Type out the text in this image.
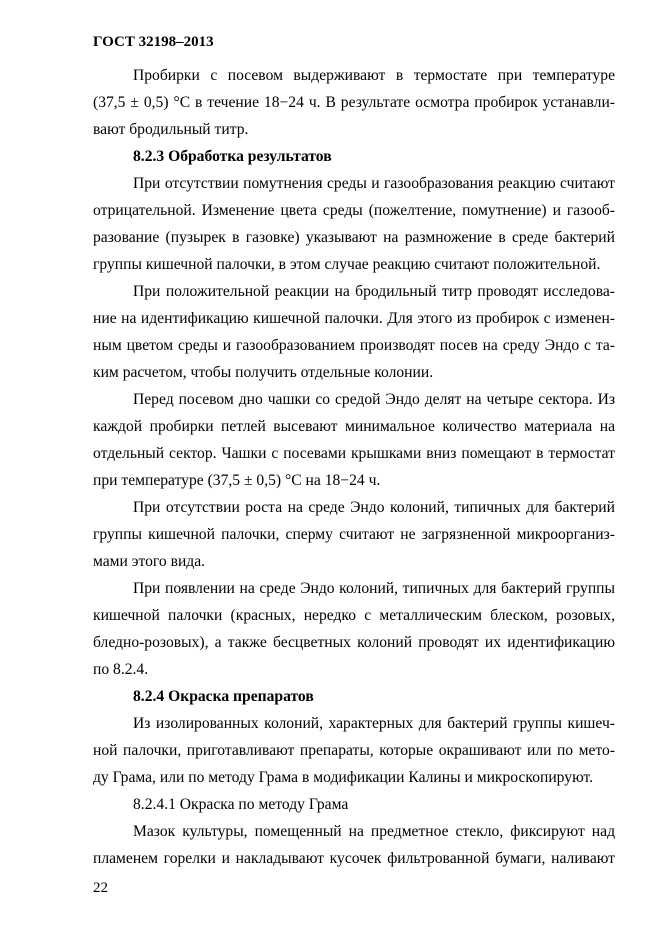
ГОСТ 32198–2013
Пробирки с посевом выдерживают в термостате при температуре
(37,5 ± 0,5) °С в течение 18−24 ч. В результате осмотра пробирок устанавли-
вают бродильный титр.
8.2.3 Обработка результатов
При отсутствии помутнения среды и газообразования реакцию считают
отрицательной. Изменение цвета среды (пожелтение, помутнение) и газооб-
разование (пузырек в газовке) указывают на размножение в среде бактерий
группы кишечной палочки, в этом случае реакцию считают положительной.
При положительной реакции на бродильный титр проводят исследова-
ние на идентификацию кишечной палочки. Для этого из пробирок с изменен-
ным цветом среды и газообразованием производят посев на среду Эндо с та-
ким расчетом, чтобы получить отдельные колонии.
Перед посевом дно чашки со средой Эндо делят на четыре сектора. Из
каждой пробирки петлей высевают минимальное количество материала на
отдельный сектор. Чашки с посевами крышками вниз помещают в термостат
при температуре (37,5 ± 0,5) °С на 18−24 ч.
При отсутствии роста на среде Эндо колоний, типичных для бактерий
группы кишечной палочки, сперму считают не загрязненной микроорганиз-
мами этого вида.
При появлении на среде Эндо колоний, типичных для бактерий группы
кишечной палочки (красных, нередко с металлическим блеском, розовых,
бледно-розовых), а также бесцветных колоний проводят их идентификацию
по 8.2.4.
8.2.4 Окраска препаратов
Из изолированных колоний, характерных для бактерий группы кишеч-
ной палочки, приготавливают препараты, которые окрашивают или по мето-
ду Грама, или по методу Грама в модификации Калины и микроскопируют.
8.2.4.1 Окраска по методу Грама
Мазок культуры, помещенный на предметное стекло, фиксируют над
пламенем горелки и накладывают кусочек фильтрованной бумаги, наливают
22
